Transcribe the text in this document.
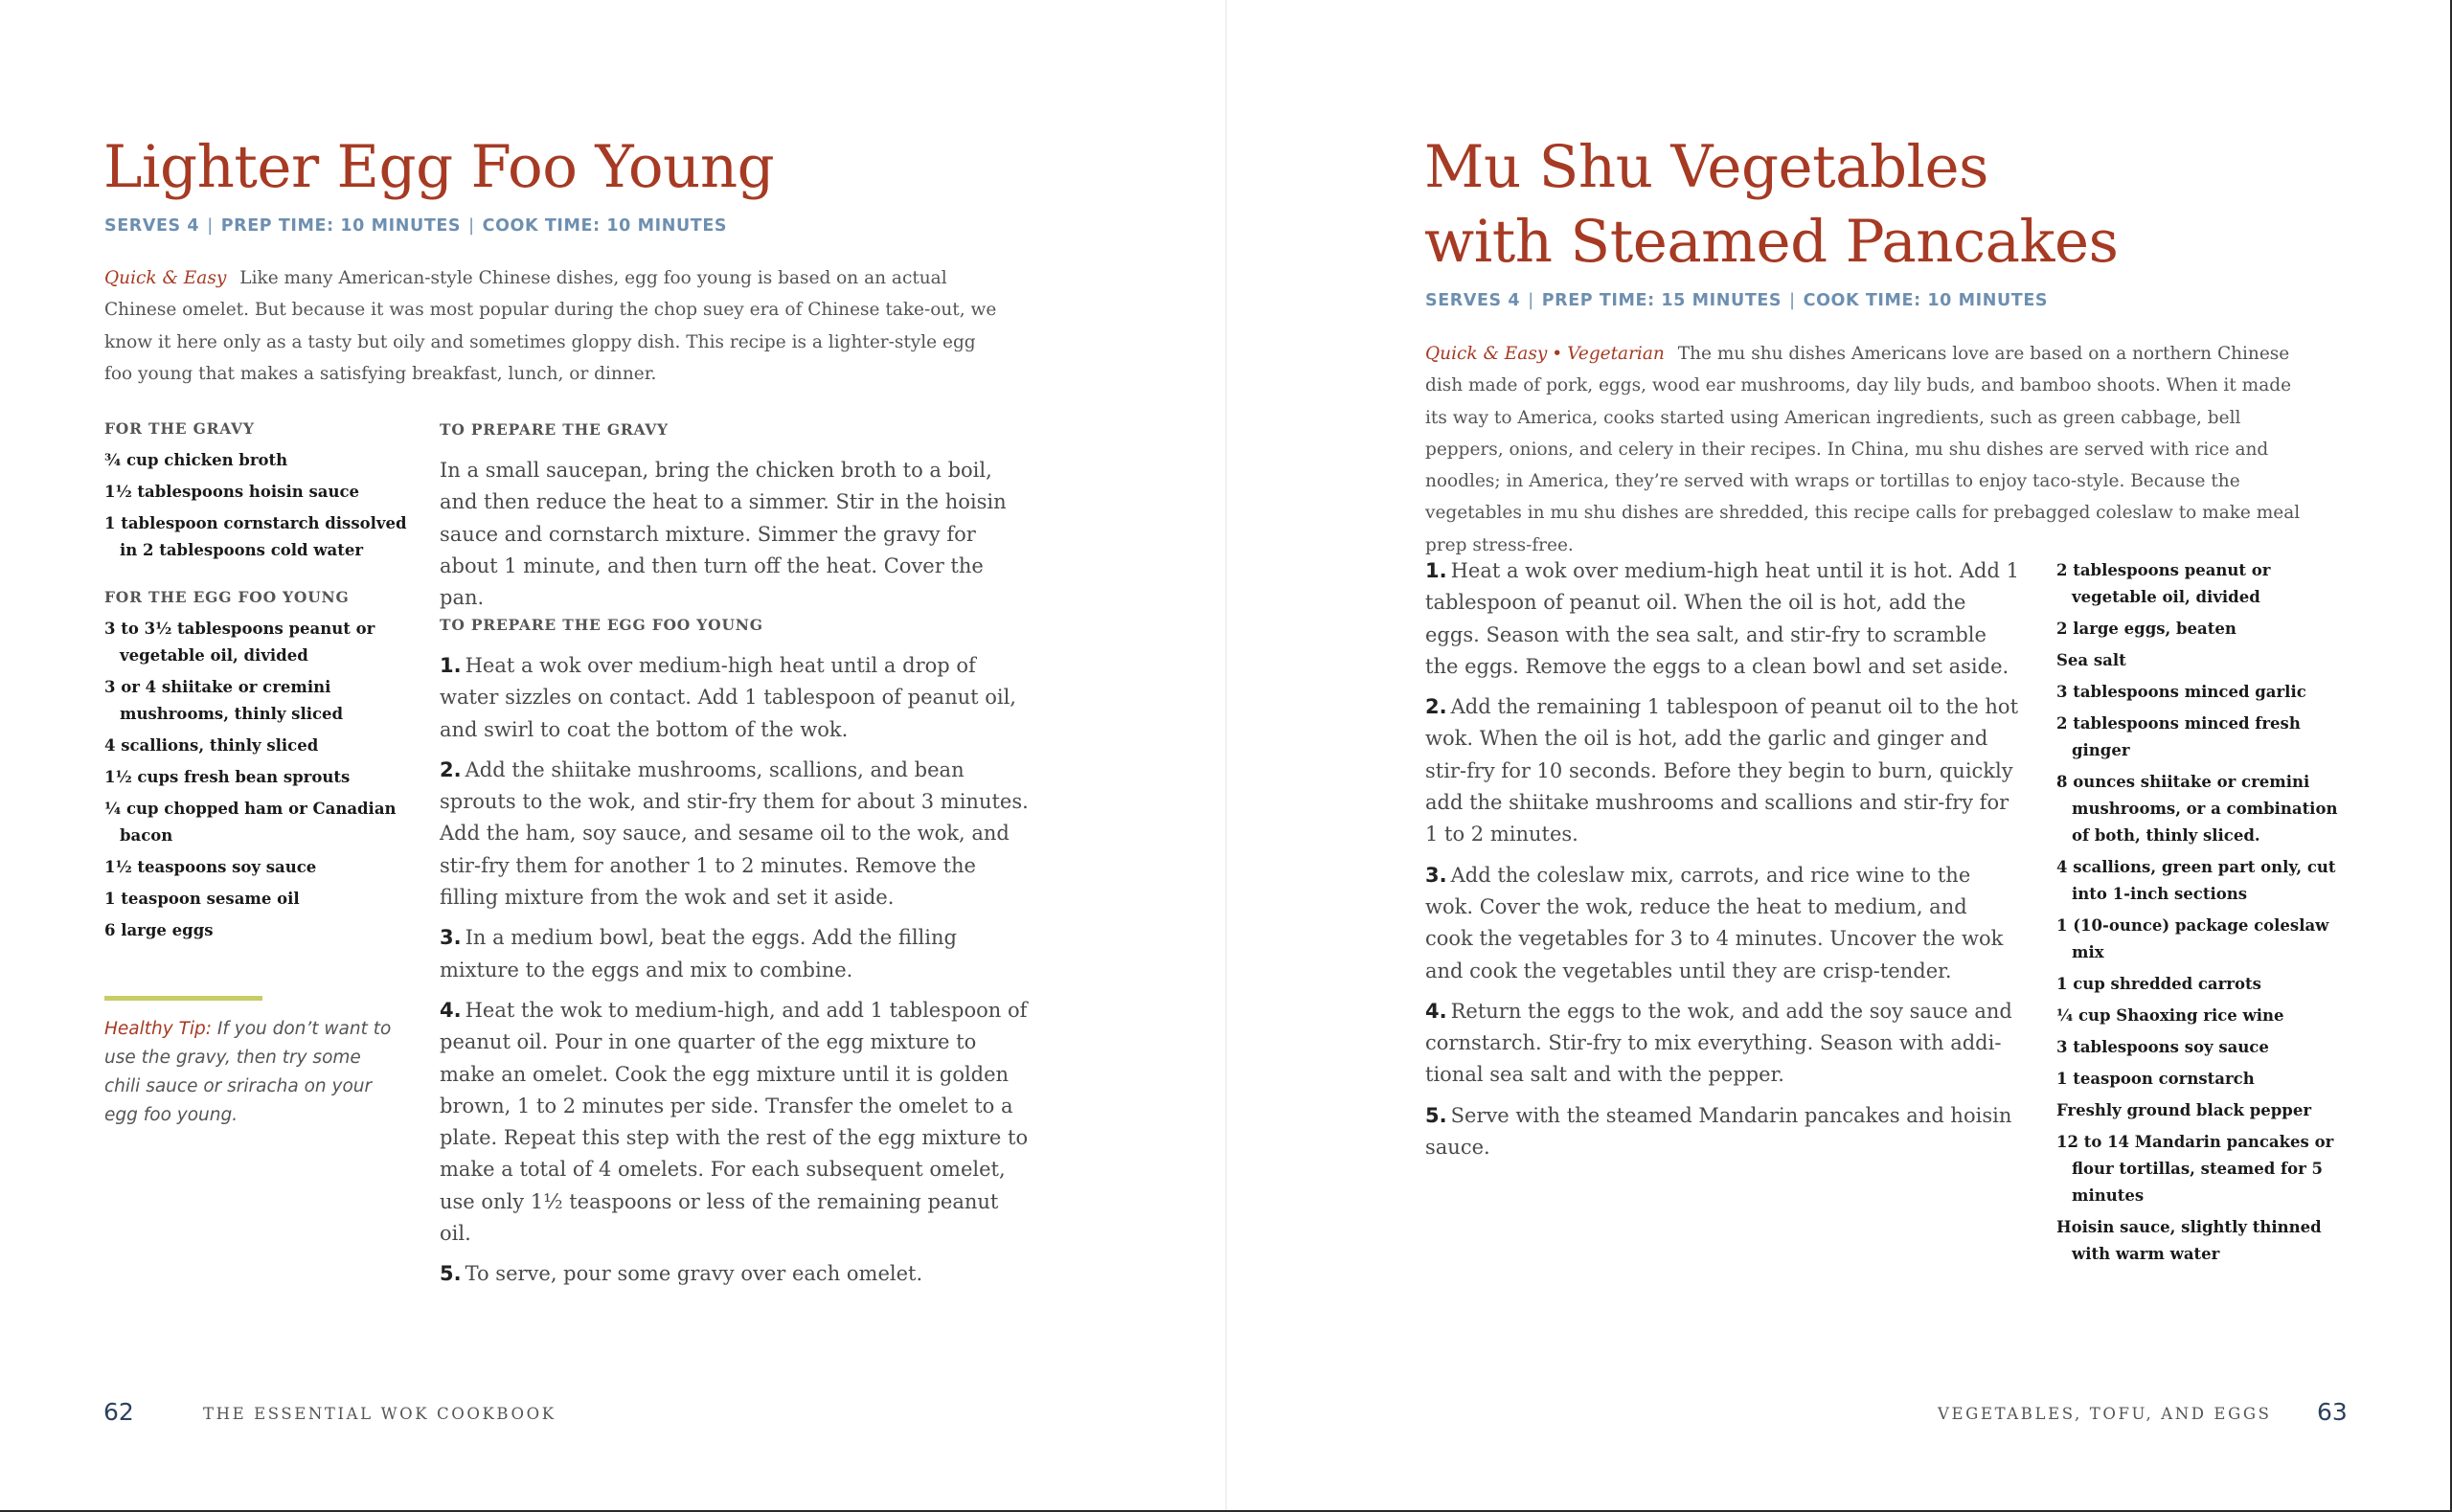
Lighter Egg Foo Young
SERVES 4 | PREP TIME: 10 MINUTES | COOK TIME: 10 MINUTES

Quick & Easy Like many American-style Chinese dishes, egg foo young is based on an actual Chinese omelet. But because it was most popular during the chop suey era of Chinese take-out, we know it here only as a tasty but oily and sometimes gloppy dish. This recipe is a lighter-style egg foo young that makes a satisfying breakfast, lunch, or dinner.

FOR THE GRAVY
¾ cup chicken broth
1½ tablespoons hoisin sauce
1 tablespoon cornstarch dissolved in 2 tablespoons cold water
FOR THE EGG FOO YOUNG
3 to 3½ tablespoons peanut or vegetable oil, divided
3 or 4 shiitake or cremini mushrooms, thinly sliced
4 scallions, thinly sliced
1½ cups fresh bean sprouts
¼ cup chopped ham or Canadian bacon
1½ teaspoons soy sauce
1 teaspoon sesame oil
6 large eggs

Healthy Tip: If you don’t want to use the gravy, then try some chili sauce or sriracha on your egg foo young.

TO PREPARE THE GRAVY

In a small saucepan, bring the chicken broth to a boil, and then reduce the heat to a simmer. Stir in the hoisin sauce and cornstarch mixture. Simmer the gravy for about 1 minute, and then turn off the heat. Cover the pan.

TO PREPARE THE EGG FOO YOUNG
1. Heat a wok over medium-high heat until a drop of water sizzles on contact. Add 1 tablespoon of peanut oil, and swirl to coat the bottom of the wok.
2. Add the shiitake mushrooms, scallions, and bean sprouts to the wok, and stir-fry them for about 3 minutes. Add the ham, soy sauce, and sesame oil to the wok, and stir-fry them for another 1 to 2 minutes. Remove the filling mixture from the wok and set it aside.
3. In a medium bowl, beat the eggs. Add the filling mixture to the eggs and mix to combine.
4. Heat the wok to medium-high, and add 1 tablespoon of peanut oil. Pour in one quarter of the egg mixture to make an omelet. Cook the egg mixture until it is golden brown, 1 to 2 minutes per side. Transfer the omelet to a plate. Repeat this step with the rest of the egg mixture to make a total of 4 omelets. For each subsequent omelet, use only 1½ teaspoons or less of the remaining peanut oil.
5. To serve, pour some gravy over each omelet.
62	THE ESSENTIAL WOK COOKBOOK
Mu Shu Vegetables
with Steamed Pancakes
SERVES 4 | PREP TIME: 15 MINUTES | COOK TIME: 10 MINUTES

Quick & Easy • Vegetarian The mu shu dishes Americans love are based on a northern Chinese dish made of pork, eggs, wood ear mushrooms, day lily buds, and bamboo shoots. When it made its way to America, cooks started using American ingredients, such as green cabbage, bell peppers, onions, and celery in their recipes. In China, mu shu dishes are served with rice and noodles; in America, they’re served with wraps or tortillas to enjoy taco-style. Because the vegetables in mu shu dishes are shredded, this recipe calls for prebagged coleslaw to make meal prep stress-free.

1. Heat a wok over medium-high heat until it is hot. Add 1 tablespoon of peanut oil. When the oil is hot, add the eggs. Season with the sea salt, and stir-fry to scramble the eggs. Remove the eggs to a clean bowl and set aside.
2. Add the remaining 1 tablespoon of peanut oil to the hot wok. When the oil is hot, add the garlic and ginger and stir-fry for 10 seconds. Before they begin to burn, quickly add the shiitake mushrooms and scallions and stir-fry for 1 to 2 minutes.
3. Add the coleslaw mix, carrots, and rice wine to the wok. Cover the wok, reduce the heat to medium, and cook the vegetables for 3 to 4 minutes. Uncover the wok and cook the vegetables until they are crisp-tender.
4. Return the eggs to the wok, and add the soy sauce and cornstarch. Stir-fry to mix everything. Season with addi-tional sea salt and with the pepper.
5. Serve with the steamed Mandarin pancakes and hoisin sauce.
2 tablespoons peanut or vegetable oil, divided
2 large eggs, beaten
Sea salt
3 tablespoons minced garlic
2 tablespoons minced fresh ginger
8 ounces shiitake or cremini mushrooms, or a combination of both, thinly sliced.
4 scallions, green part only, cut into 1-inch sections
1 (10-ounce) package coleslaw mix
1 cup shredded carrots
¼ cup Shaoxing rice wine
3 tablespoons soy sauce
1 teaspoon cornstarch
Freshly ground black pepper
12 to 14 Mandarin pancakes or flour tortillas, steamed for 5 minutes
Hoisin sauce, slightly thinned with warm water
VEGETABLES, TOFU, AND EGGS 63
